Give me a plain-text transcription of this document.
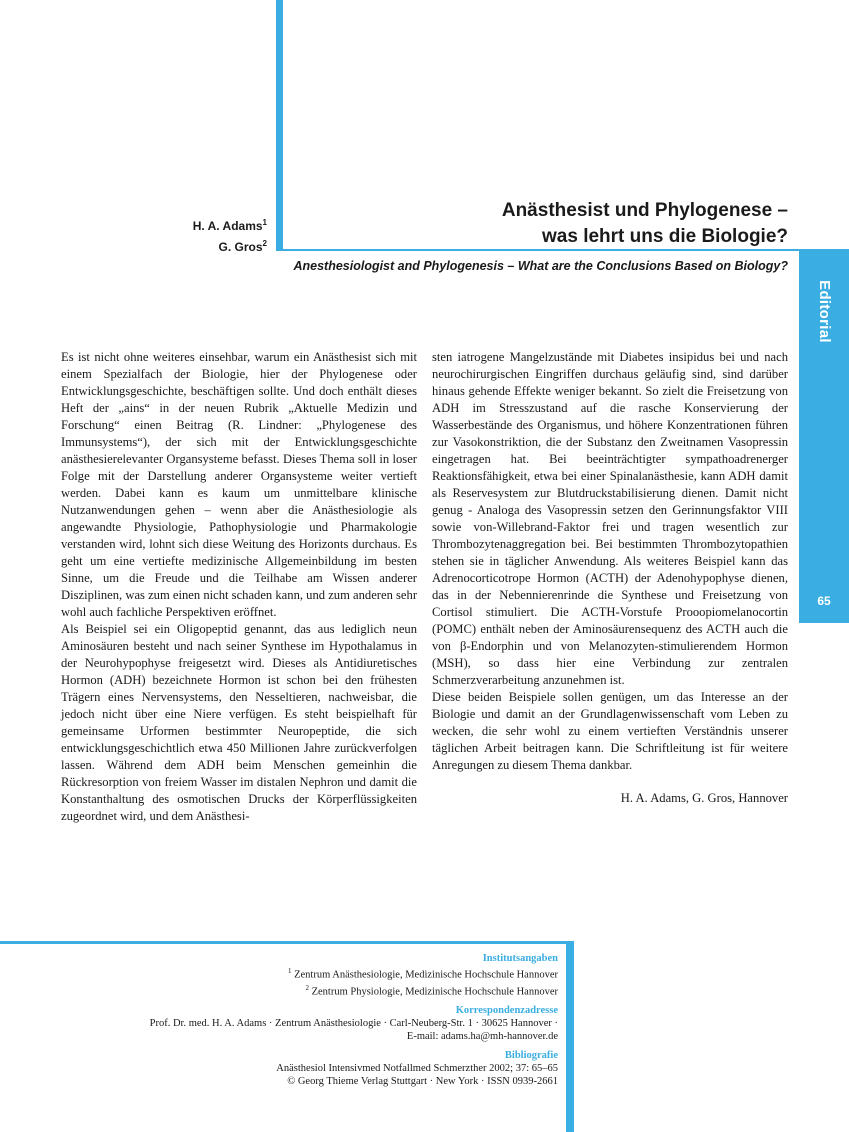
Editorial
65
H. A. Adams$^1$
G. Gros$^2$
Anästhesist und Phylogenese –
was lehrt uns die Biologie?
Anesthesiologist and Phylogenesis – What are the Conclusions Based on Biology?

Es ist nicht ohne weiteres einsehbar, warum ein Anästhesist sich mit einem Spezialfach der Biologie, hier der Phylogenese oder Entwicklungsgeschichte, beschäftigen sollte. Und doch enthält dieses Heft der „ains“ in der neuen Rubrik „Aktuelle Medizin und Forschung“ einen Beitrag (R. Lindner: „Phylogenese des Immunsystems“), der sich mit der Entwicklungsgeschichte anästhesierelevanter Organsysteme befasst. Dieses Thema soll in loser Folge mit der Darstellung anderer Organsysteme weiter vertieft werden. Dabei kann es kaum um unmittelbare klinische Nutzanwendungen gehen – wenn aber die Anästhesiologie als angewandte Physiologie, Pathophysiologie und Pharmakologie verstanden wird, lohnt sich diese Weitung des Horizonts durchaus. Es geht um eine vertiefte medizinische Allgemeinbildung im besten Sinne, um die Freude und die Teilhabe am Wissen anderer Disziplinen, was zum einen nicht schaden kann, und zum anderen sehr wohl auch fachliche Perspektiven eröffnet.

Als Beispiel sei ein Oligopeptid genannt, das aus lediglich neun Aminosäuren besteht und nach seiner Synthese im Hypothalamus in der Neurohypophyse freigesetzt wird. Dieses als Antidiuretisches Hormon (ADH) bezeichnete Hormon ist schon bei den frühesten Trägern eines Nervensystems, den Nesseltieren, nachweisbar, die jedoch nicht über eine Niere verfügen. Es steht beispielhaft für gemeinsame Urformen bestimmter Neuropeptide, die sich entwicklungsgeschichtlich etwa 450 Millionen Jahre zurückverfolgen lassen. Während dem ADH beim Menschen gemeinhin die Rückresorption von freiem Wasser im distalen Nephron und damit die Konstanthaltung des osmotischen Drucks der Körperflüssigkeiten zugeordnet wird, und dem Anästhesi-

sten iatrogene Mangelzustände mit Diabetes insipidus bei und nach neurochirurgischen Eingriffen durchaus geläufig sind, sind darüber hinaus gehende Effekte weniger bekannt. So zielt die Freisetzung von ADH im Stresszustand auf die rasche Konservierung der Wasserbestände des Organismus, und höhere Konzentrationen führen zur Vasokonstriktion, die der Substanz den Zweitnamen Vasopressin eingetragen hat. Bei beeinträchtigter sympathoadrenerger Reaktionsfähigkeit, etwa bei einer Spinalanästhesie, kann ADH damit als Reservesystem zur Blutdruckstabilisierung dienen. Damit nicht genug - Analoga des Vasopressin setzen den Gerinnungsfaktor VIII sowie von-Willebrand-Faktor frei und tragen wesentlich zur Thrombozytenaggregation bei. Bei bestimmten Thrombozytopathien stehen sie in täglicher Anwendung. Als weiteres Beispiel kann das Adrenocorticotrope Hormon (ACTH) der Adenohypophyse dienen, das in der Nebennierenrinde die Synthese und Freisetzung von Cortisol stimuliert. Die ACTH-Vorstufe Prooopiomelanocortin (POMC) enthält neben der Aminosäurensequenz des ACTH auch die von β-Endorphin und von Melanozyten-stimulierendem Hormon (MSH), so dass hier eine Verbindung zur zentralen Schmerzverarbeitung anzunehmen ist.

Diese beiden Beispiele sollen genügen, um das Interesse an der Biologie und damit an der Grundlagenwissenschaft vom Leben zu wecken, die sehr wohl zu einem vertieften Verständnis unserer täglichen Arbeit beitragen kann. Die Schriftleitung ist für weitere Anregungen zu diesem Thema dankbar.

H. A. Adams, G. Gros, Hannover

Institutsangaben
$^1$ Zentrum Anästhesiologie, Medizinische Hochschule Hannover
$^2$ Zentrum Physiologie, Medizinische Hochschule Hannover
Korrespondenzadresse
Prof. Dr. med. H. A. Adams · Zentrum Anästhesiologie · Carl-Neuberg-Str. 1 · 30625 Hannover ·
E-mail: adams.ha@mh-hannover.de
Bibliografie
Anästhesiol Intensivmed Notfallmed Schmerzther 2002; 37: 65–65
© Georg Thieme Verlag Stuttgart · New York · ISSN 0939-2661
